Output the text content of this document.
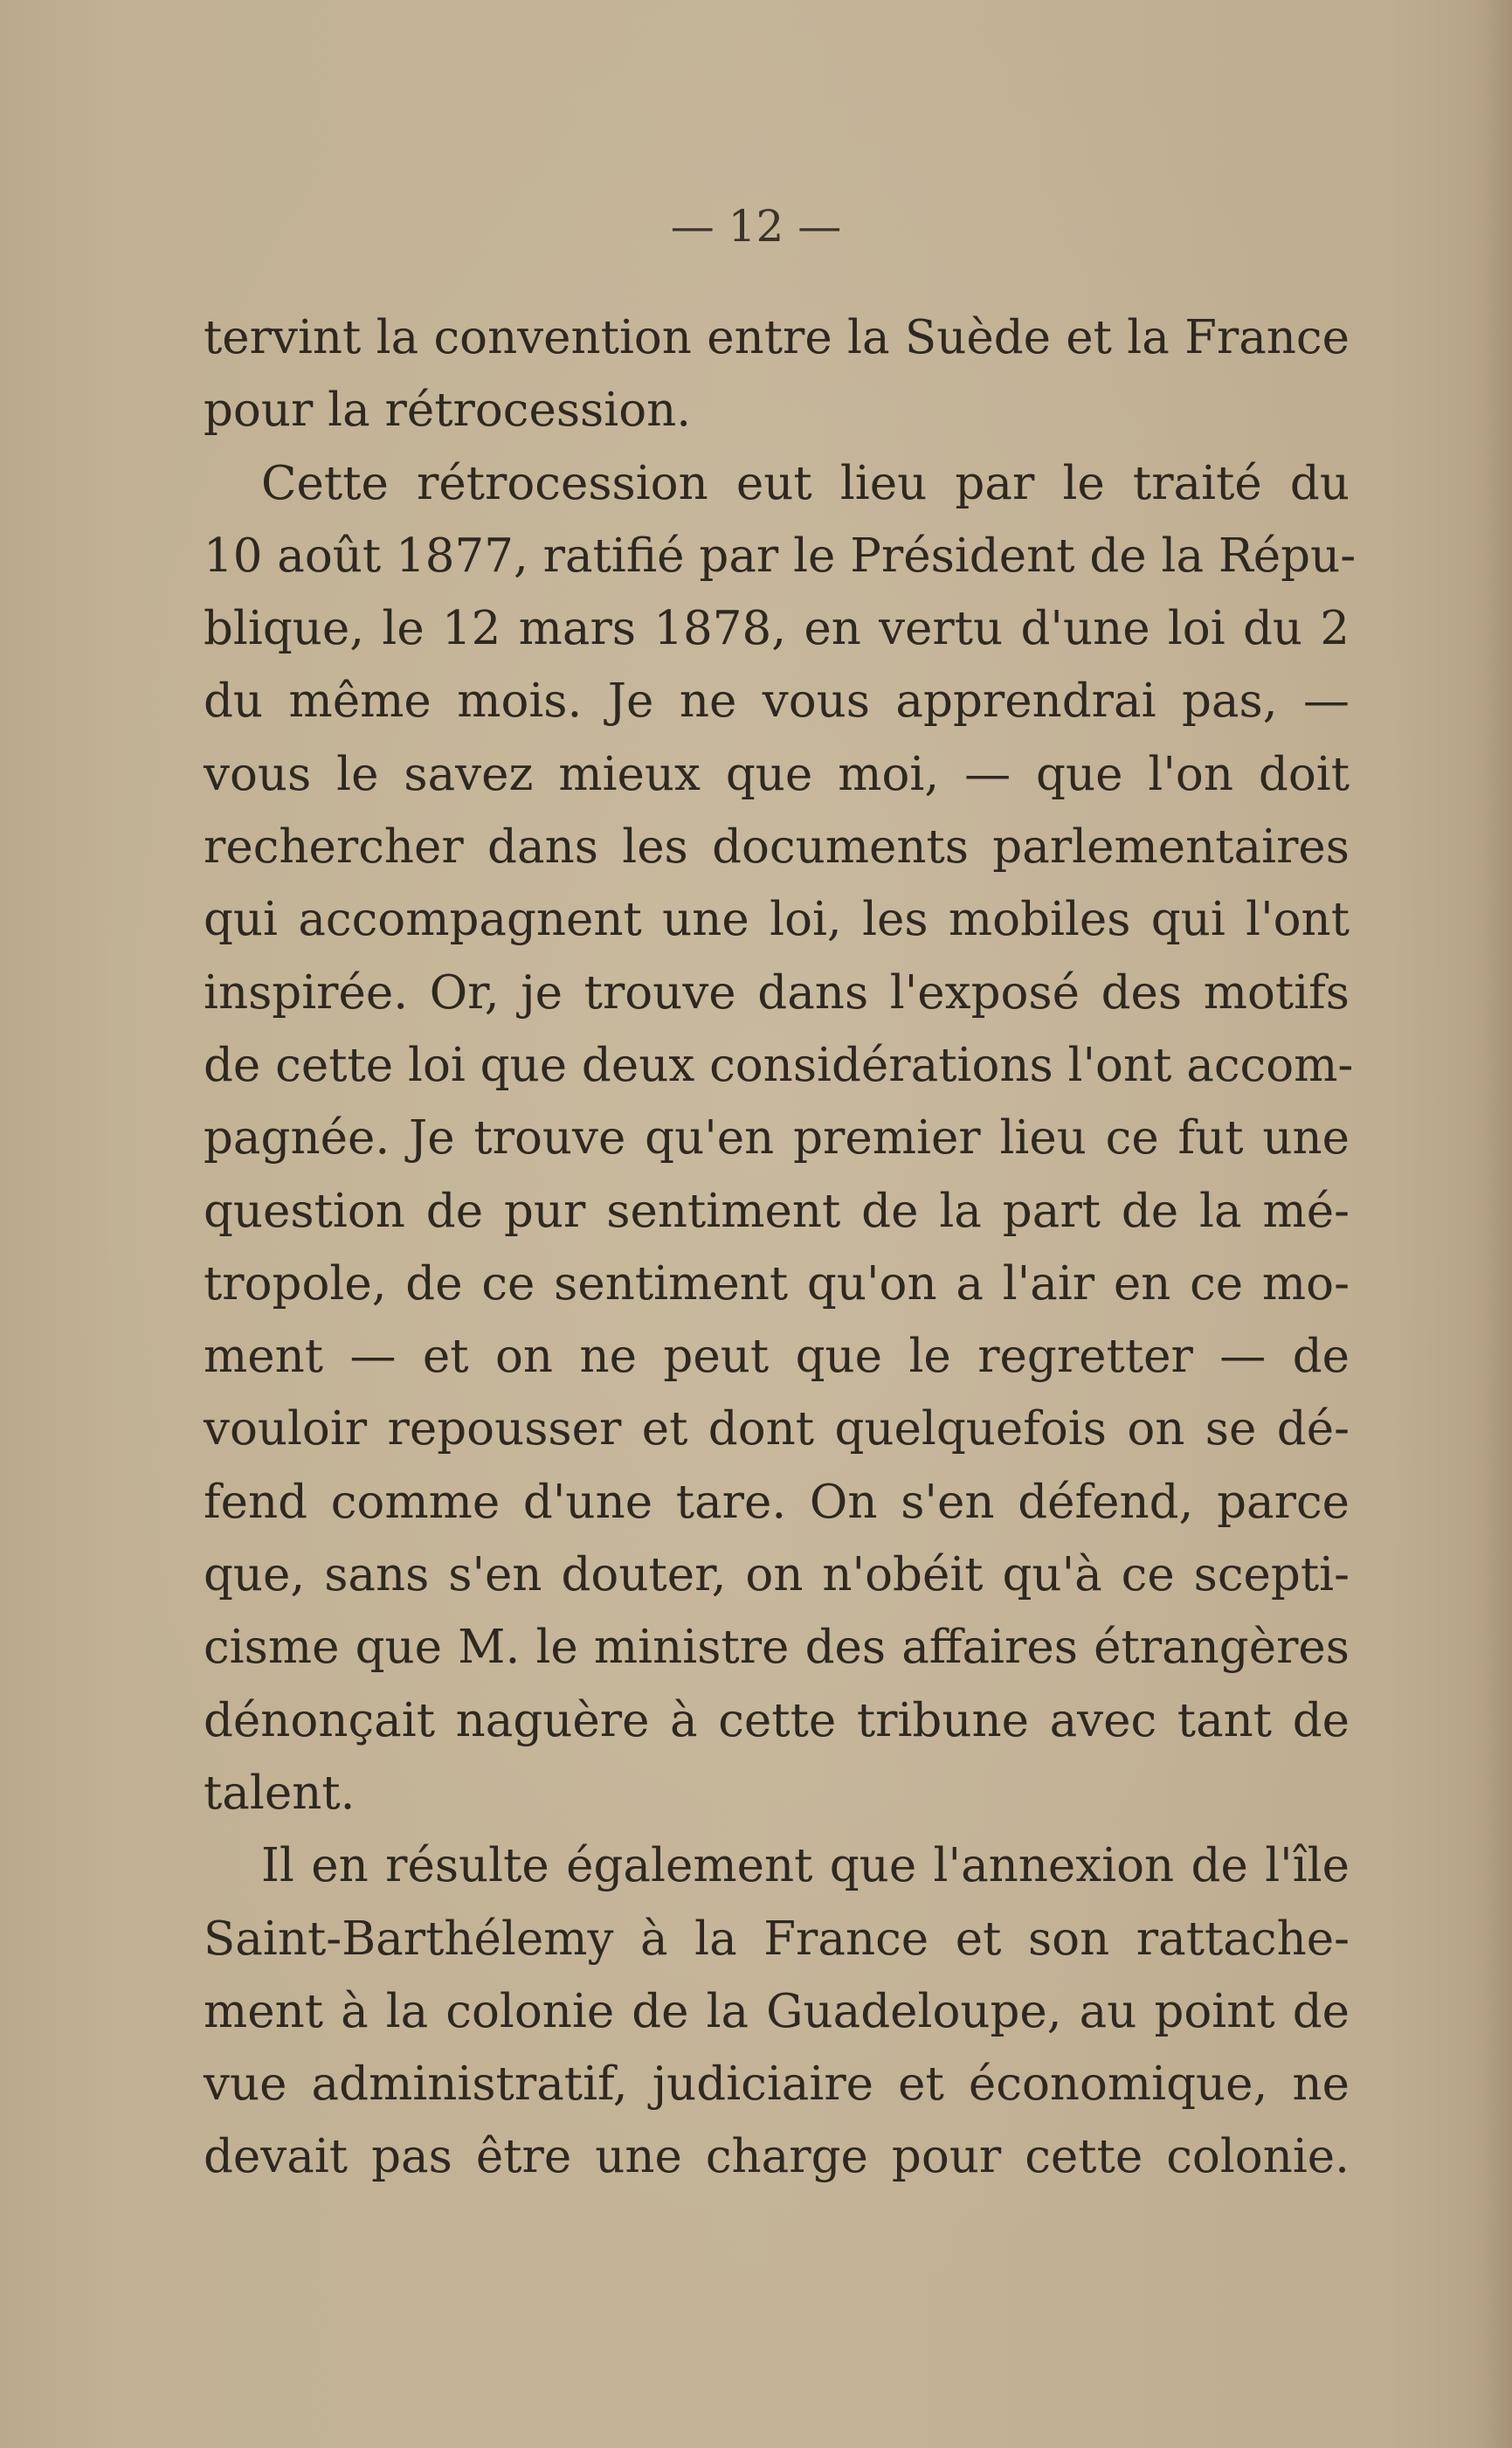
— 12 —

tervint la convention entre la Suède et la France
pour la rétrocession.
Cette rétrocession eut lieu par le traité du
10 août 1877, ratifié par le Président de la Répu-
blique, le 12 mars 1878, en vertu d'une loi du 2
du même mois. Je ne vous apprendrai pas, —
vous le savez mieux que moi, — que l'on doit
rechercher dans les documents parlementaires
qui accompagnent une loi, les mobiles qui l'ont
inspirée. Or, je trouve dans l'exposé des motifs
de cette loi que deux considérations l'ont accom-
pagnée. Je trouve qu'en premier lieu ce fut une
question de pur sentiment de la part de la mé-
tropole, de ce sentiment qu'on a l'air en ce mo-
ment — et on ne peut que le regretter — de
vouloir repousser et dont quelquefois on se dé-
fend comme d'une tare. On s'en défend, parce
que, sans s'en douter, on n'obéit qu'à ce scepti-
cisme que M. le ministre des affaires étrangères
dénonçait naguère à cette tribune avec tant de
talent.
Il en résulte également que l'annexion de l'île
Saint-Barthélemy à la France et son rattache-
ment à la colonie de la Guadeloupe, au point de
vue administratif, judiciaire et économique, ne
devait pas être une charge pour cette colonie.
